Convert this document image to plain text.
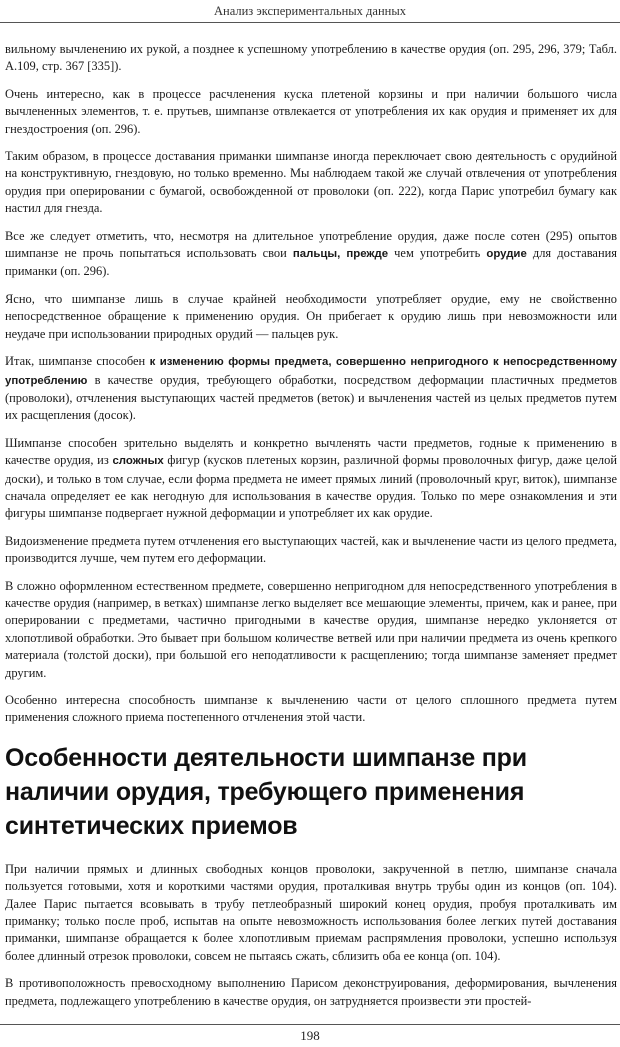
Анализ экспериментальных данных

вильному вычленению их рукой, а позднее к успешному употреблению в качестве орудия (оп. 295, 296, 379; Табл. А.109, стр. 367 [335]).

Очень интересно, как в процессе расчленения куска плетеной корзины и при наличии большого числа вычлененных элементов, т. е. прутьев, шимпанзе отвлекается от употребления их как орудия и применяет их для гнездостроения (оп. 296).

Таким образом, в процессе доставания приманки шимпанзе иногда переключает свою деятельность с орудийной на конструктивную, гнездовую, но только временно. Мы наблюдаем такой же случай отвлечения от употребления орудия при оперировании с бумагой, освобожденной от проволоки (оп. 222), когда Парис употребил бумагу как настил для гнезда.

Все же следует отметить, что, несмотря на длительное употребление орудия, даже после сотен (295) опытов шимпанзе не прочь попытаться использовать свои пальцы, прежде чем употребить орудие для доставания приманки (оп. 296).

Ясно, что шимпанзе лишь в случае крайней необходимости употребляет орудие, ему не свойственно непосредственное обращение к применению орудия. Он прибегает к орудию лишь при невозможности или неудаче при использовании природных орудий — пальцев рук.

Итак, шимпанзе способен к изменению формы предмета, совершенно непригодного к непосредственному употреблению в качестве орудия, требующего обработки, посредством деформации пластичных предметов (проволоки), отчленения выступающих частей предметов (веток) и вычленения частей из целых предметов путем их расщепления (досок).

Шимпанзе способен зрительно выделять и конкретно вычленять части предметов, годные к применению в качестве орудия, из сложных фигур (кусков плетеных корзин, различной формы проволочных фигур, даже целой доски), и только в том случае, если форма предмета не имеет прямых линий (проволочный круг, виток), шимпанзе сначала определяет ее как негодную для использования в качестве орудия. Только по мере ознакомления и эти фигуры шимпанзе подвергает нужной деформации и употребляет их как орудие.

Видоизменение предмета путем отчленения его выступающих частей, как и вычленение части из целого предмета, производится лучше, чем путем его деформации.

В сложно оформленном естественном предмете, совершенно непригодном для непосредственного употребления в качестве орудия (например, в ветках) шимпанзе легко выделяет все мешающие элементы, причем, как и ранее, при оперировании с предметами, частично пригодными в качестве орудия, шимпанзе нередко уклоняется от хлопотливой обработки. Это бывает при большом количестве ветвей или при наличии предмета из очень крепкого материала (толстой доски), при большой его неподатливости к расщеплению; тогда шимпанзе заменяет предмет другим.

Особенно интересна способность шимпанзе к вычленению части от целого сплошного предмета путем применения сложного приема постепенного отчленения этой части.

Особенности деятельности шимпанзе при наличии орудия, требующего применения синтетических приемов

При наличии прямых и длинных свободных концов проволоки, закрученной в петлю, шимпанзе сначала пользуется готовыми, хотя и короткими частями орудия, проталкивая внутрь трубы один из концов (оп. 104). Далее Парис пытается всовывать в трубу петлеобразный широкий конец орудия, пробуя проталкивать им приманку; только после проб, испытав на опыте невозможность использования более легких путей доставания приманки, шимпанзе обращается к более хлопотливым приемам распрямления проволоки, успешно используя более длинный отрезок проволоки, совсем не пытаясь сжать, сблизить оба ее конца (оп. 104).

В противоположность превосходному выполнению Парисом деконструирования, деформирования, вычленения предмета, подлежащего употреблению в качестве орудия, он затрудняется произвести эти простей-

198
